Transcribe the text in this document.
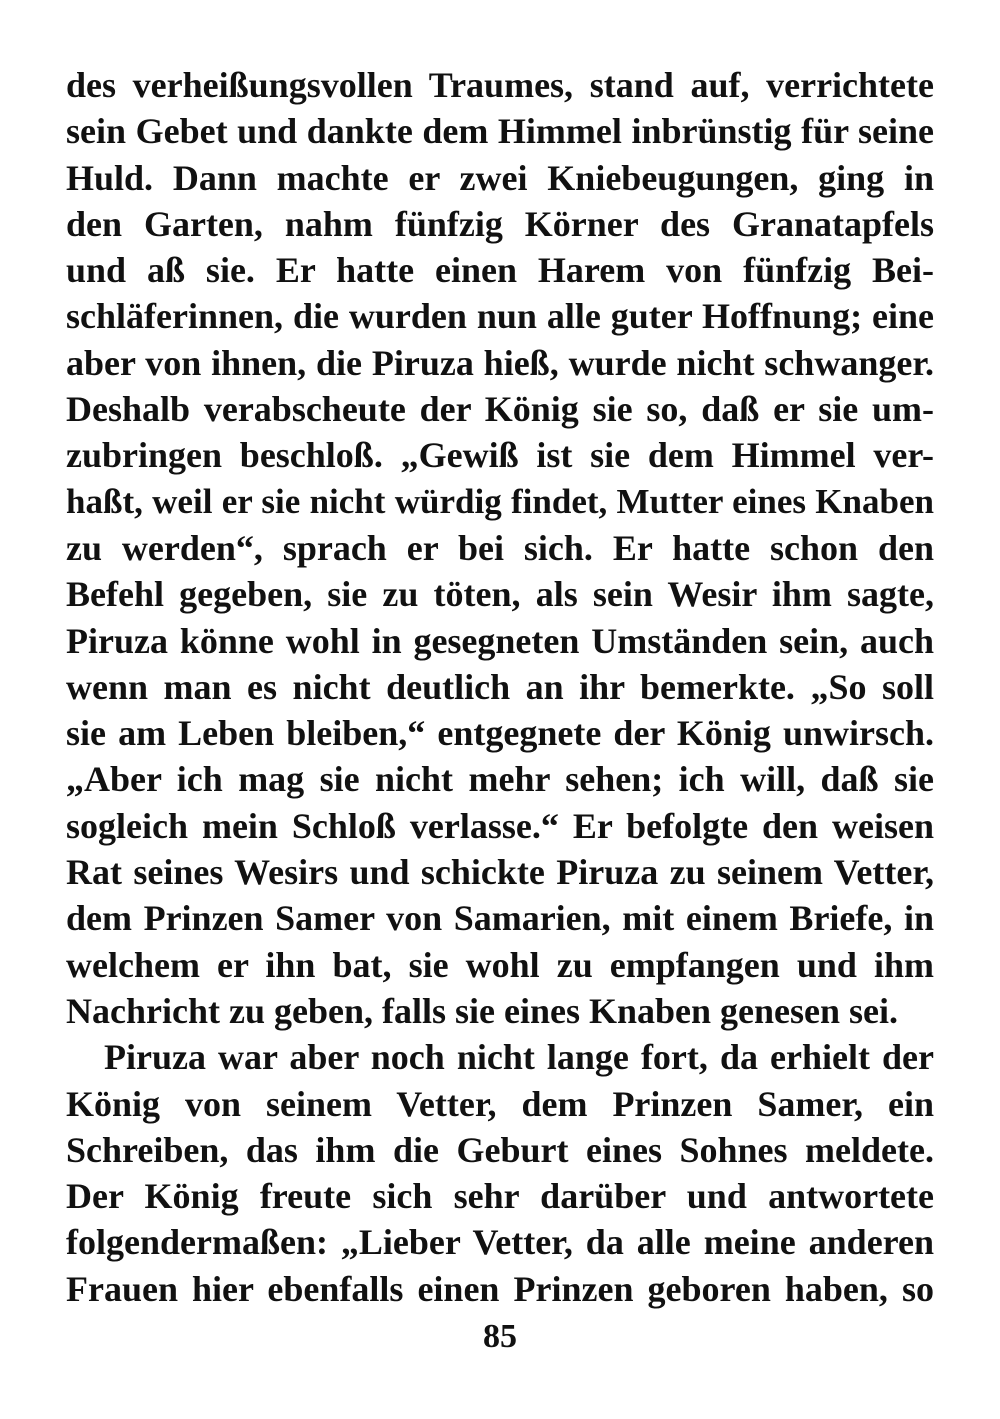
des verheißungsvollen Traumes, stand auf, verrichtete
sein Gebet und dankte dem Himmel inbrünstig für seine
Huld. Dann machte er zwei Kniebeugungen, ging in
den Garten, nahm fünfzig Körner des Granatapfels
und aß sie. Er hatte einen Harem von fünfzig Bei-
schläferinnen, die wurden nun alle guter Hoffnung; eine
aber von ihnen, die Piruza hieß, wurde nicht schwanger.
Deshalb verabscheute der König sie so, daß er sie um-
zubringen beschloß. „Gewiß ist sie dem Himmel ver-
haßt, weil er sie nicht würdig findet, Mutter eines Knaben
zu werden“, sprach er bei sich. Er hatte schon den
Befehl gegeben, sie zu töten, als sein Wesir ihm sagte,
Piruza könne wohl in gesegneten Umständen sein, auch
wenn man es nicht deutlich an ihr bemerkte. „So soll
sie am Leben bleiben,“ entgegnete der König unwirsch.
„Aber ich mag sie nicht mehr sehen; ich will, daß sie
sogleich mein Schloß verlasse.“ Er befolgte den weisen
Rat seines Wesirs und schickte Piruza zu seinem Vetter,
dem Prinzen Samer von Samarien, mit einem Briefe, in
welchem er ihn bat, sie wohl zu empfangen und ihm
Nachricht zu geben, falls sie eines Knaben genesen sei.
Piruza war aber noch nicht lange fort, da erhielt der
König von seinem Vetter, dem Prinzen Samer, ein
Schreiben, das ihm die Geburt eines Sohnes meldete.
Der König freute sich sehr darüber und antwortete
folgendermaßen: „Lieber Vetter, da alle meine anderen
Frauen hier ebenfalls einen Prinzen geboren haben, so
85
